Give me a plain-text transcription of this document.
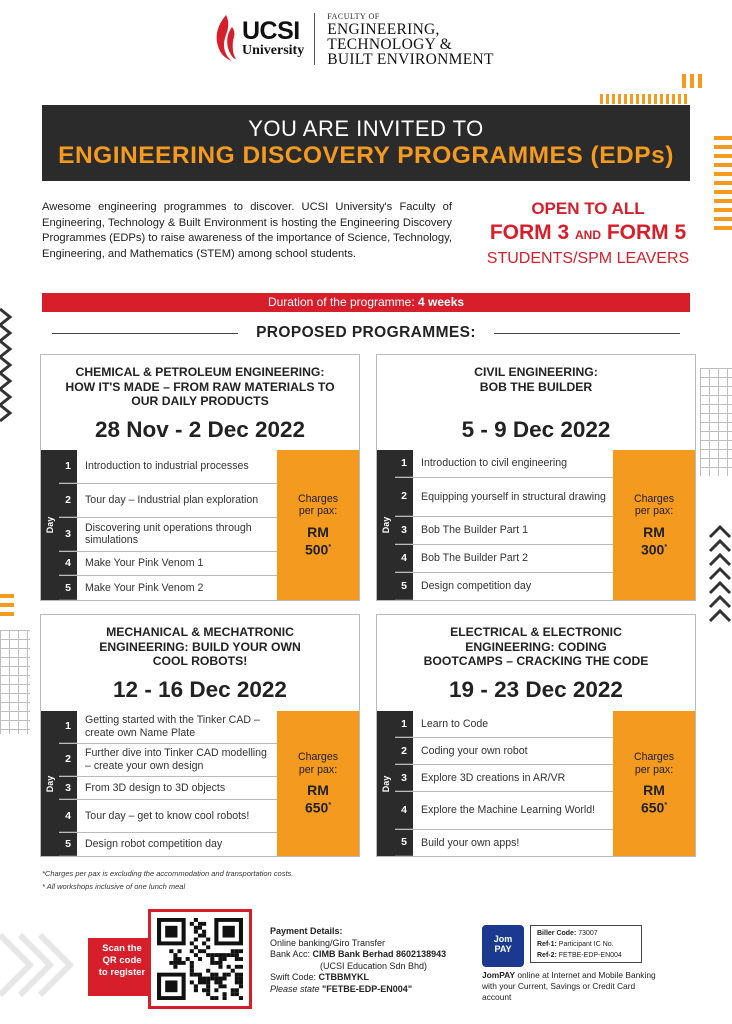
UCSI
University
FACULTY OF
ENGINEERING,
TECHNOLOGY &
BUILT ENVIRONMENT
YOU ARE INVITED TO
ENGINEERING DISCOVERY PROGRAMMES (EDPs)
Awesome engineering programmes to discover. UCSI University's Faculty of Engineering, Technology & Built Environment is hosting the Engineering Discovery Programmes (EDPs) to raise awareness of the importance of Science, Technology, Engineering, and Mathematics (STEM) among school students.
OPEN TO ALL
FORM 3 AND FORM 5
STUDENTS/SPM LEAVERS
Duration of the programme: 4 weeks
PROPOSED PROGRAMMES:
CHEMICAL & PETROLEUM ENGINEERING:
HOW IT'S MADE – FROM RAW MATERIALS TO
OUR DAILY PRODUCTS
28 Nov - 2 Dec 2022
Day
1	Introduction to industrial processes
2	Tour day – Industrial plan exploration
3	Discovering unit operations through simulations
4	Make Your Pink Venom 1
5	Make Your Pink Venom 2
Charges
per pax:
RM
500*
CIVIL ENGINEERING:
BOB THE BUILDER
5 - 9 Dec 2022
Day
1	Introduction to civil engineering
2	Equipping yourself in structural drawing
3	Bob The Builder Part 1
4	Bob The Builder Part 2
5	Design competition day
Charges
per pax:
RM
300*
MECHANICAL & MECHATRONIC
ENGINEERING: BUILD YOUR OWN
COOL ROBOTS!
12 - 16 Dec 2022
Day
1	Getting started with the Tinker CAD – create own Name Plate
2	Further dive into Tinker CAD modelling – create your own design
3	From 3D design to 3D objects
4	Tour day – get to know cool robots!
5	Design robot competition day
Charges
per pax:
RM
650*
ELECTRICAL & ELECTRONIC
ENGINEERING: CODING
BOOTCAMPS – CRACKING THE CODE
19 - 23 Dec 2022
Day
1	Learn to Code
2	Coding your own robot
3	Explore 3D creations in AR/VR
4	Explore the Machine Learning World!
5	Build your own apps!
Charges
per pax:
RM
650*
*Charges per pax is excluding the accommodation and transportation costs.
* All workshops inclusive of one lunch meal
Scan the
QR code
to register
Payment Details:
Online banking/Giro Transfer
Bank Acc: CIMB Bank Berhad 8602138943
(UCSI Education Sdn Bhd)
Swift Code: CTBBMYKL
Please state "FETBE-EDP-EN004"
Jom
PAY
Biller Code: 73007
Ref-1: Participant IC No.
Ref-2: FETBE-EDP-EN004
JomPAY online at Internet and Mobile Banking with your Current, Savings or Credit Card account
